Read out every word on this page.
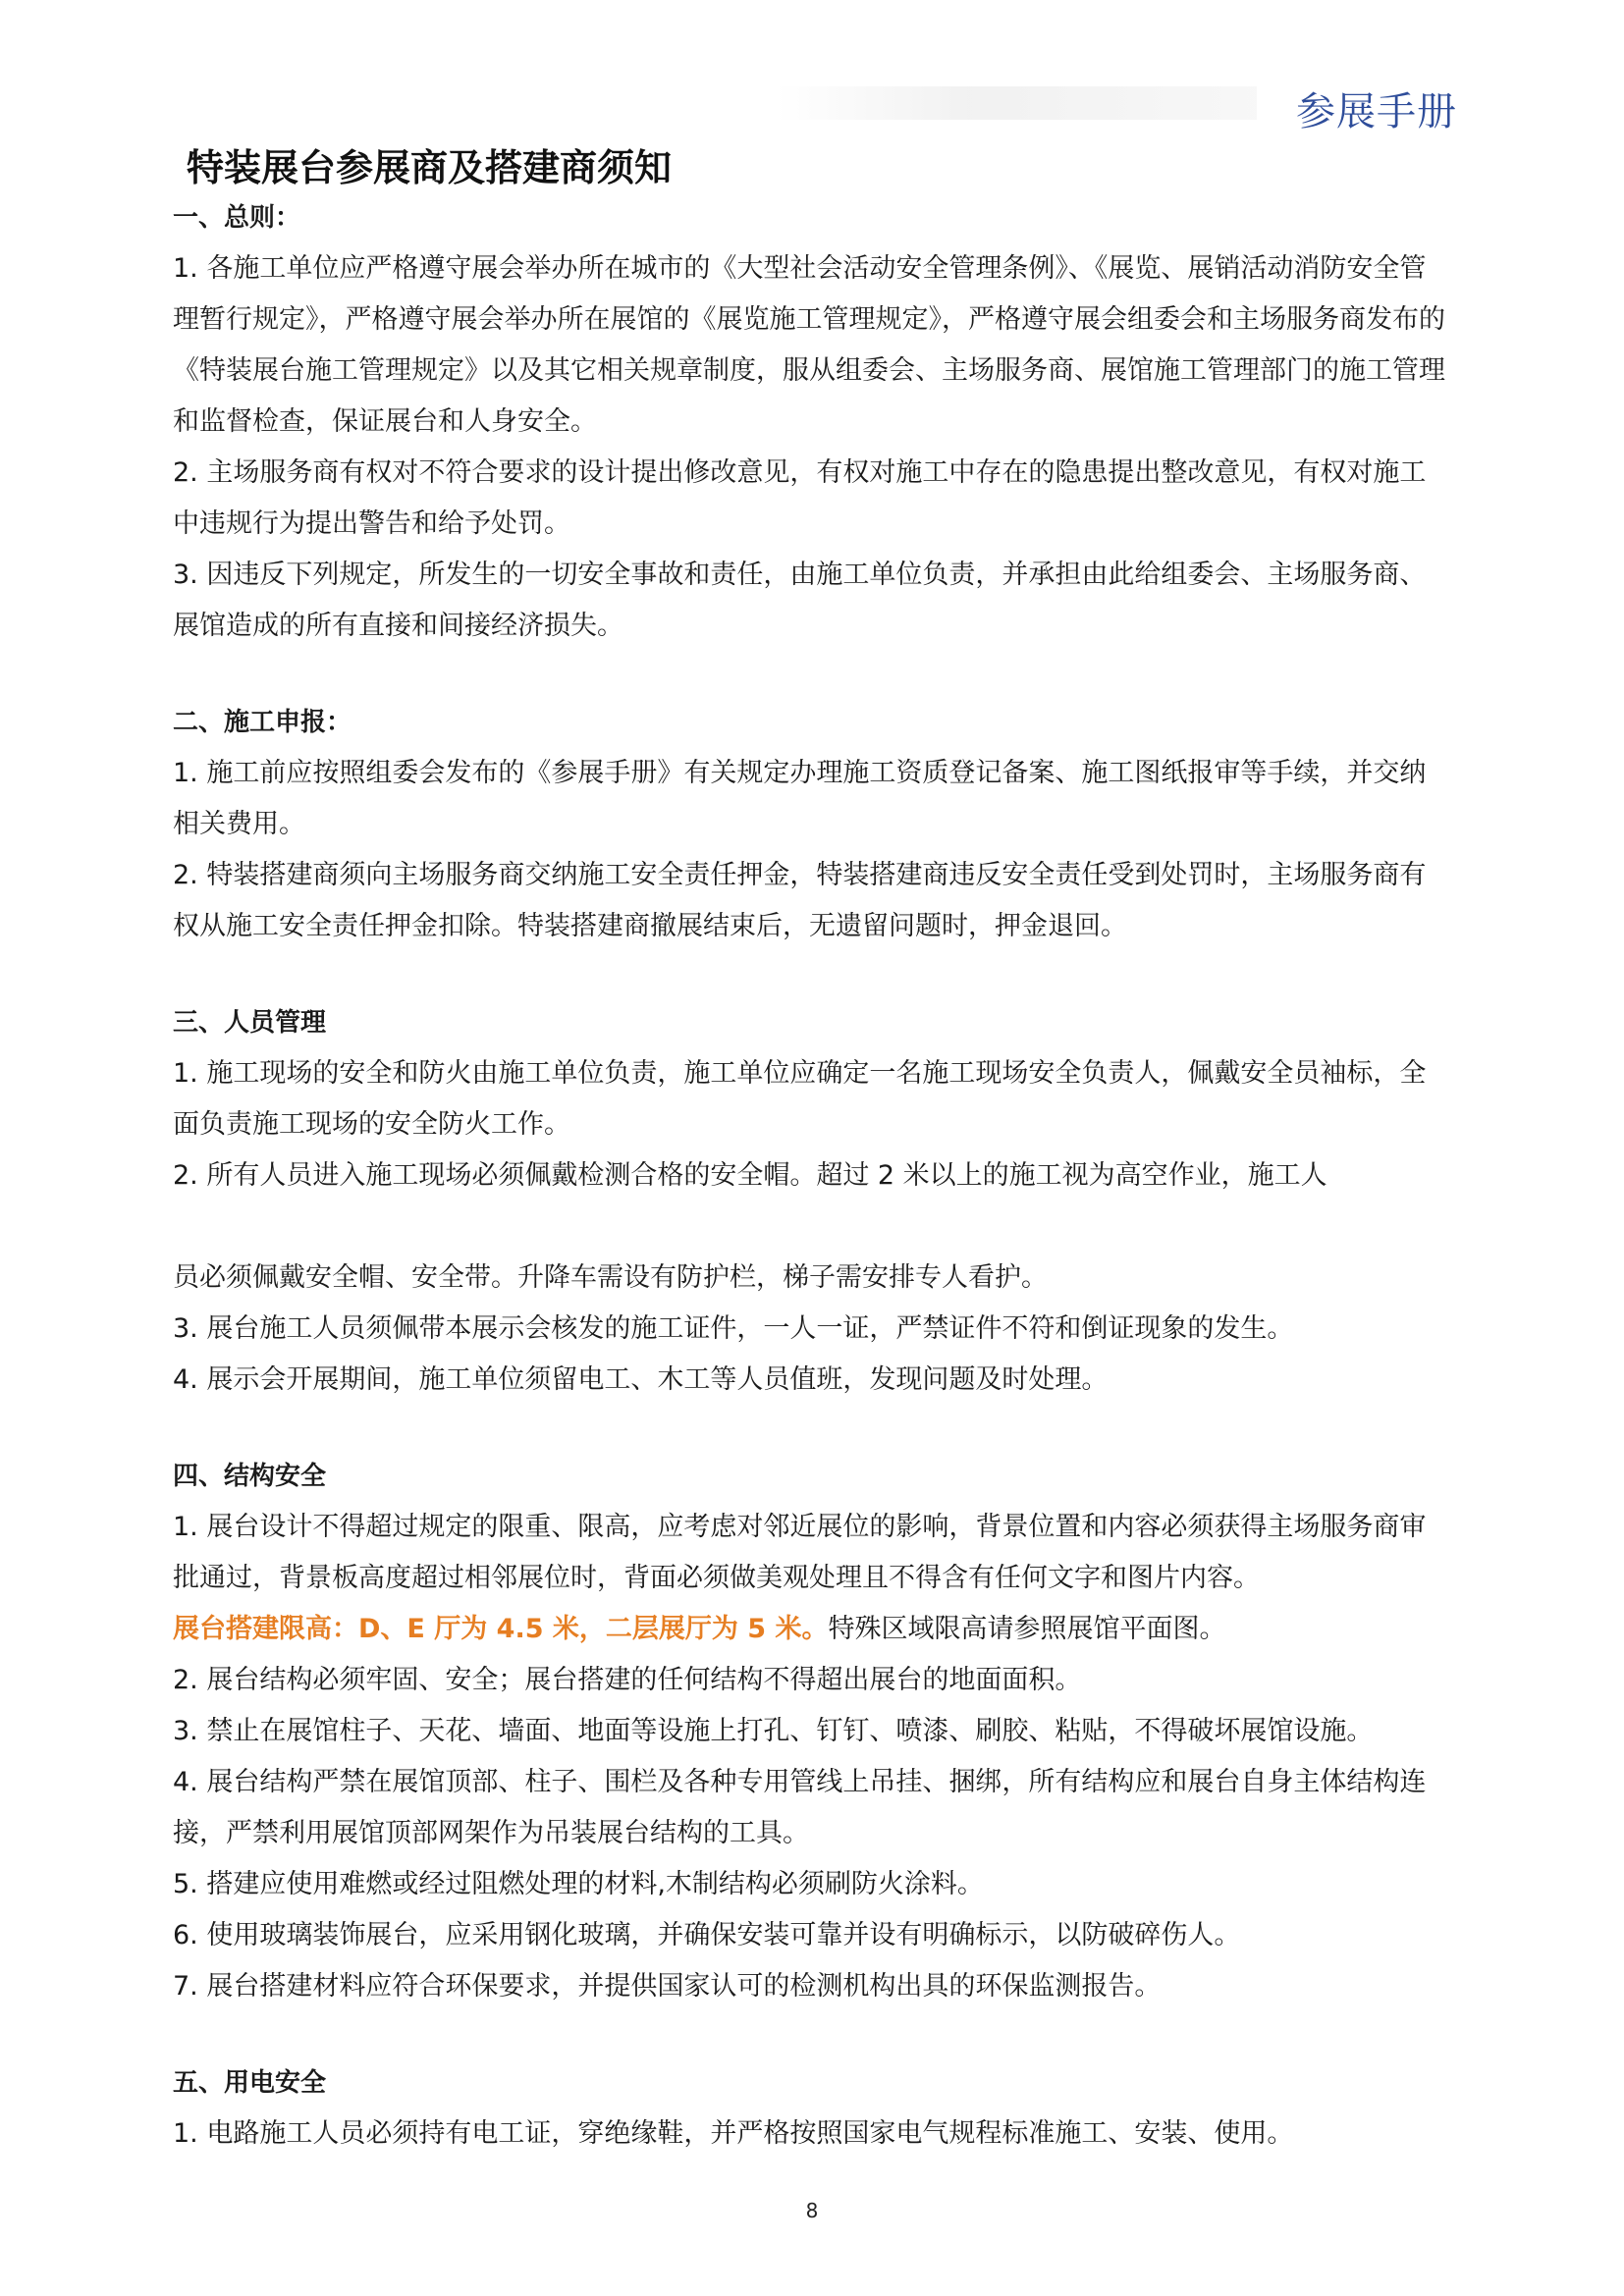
参展手册
特装展台参展商及搭建商须知
一、总则：

1. 各施工单位应严格遵守展会举办所在城市的《大型社会活动安全管理条例》、《展览、展销活动消防安全管理暂行规定》，严格遵守展会举办所在展馆的《展览施工管理规定》，严格遵守展会组委会和主场服务商发布的《特装展台施工管理规定》以及其它相关规章制度，服从组委会、主场服务商、展馆施工管理部门的施工管理和监督检查，保证展台和人身安全。

2. 主场服务商有权对不符合要求的设计提出修改意见，有权对施工中存在的隐患提出整改意见，有权对施工中违规行为提出警告和给予处罚。

3. 因违反下列规定，所发生的一切安全事故和责任，由施工单位负责，并承担由此给组委会、主场服务商、展馆造成的所有直接和间接经济损失。

二、施工申报：

1. 施工前应按照组委会发布的《参展手册》有关规定办理施工资质登记备案、施工图纸报审等手续，并交纳相关费用。

2. 特装搭建商须向主场服务商交纳施工安全责任押金，特装搭建商违反安全责任受到处罚时，主场服务商有权从施工安全责任押金扣除。特装搭建商撤展结束后，无遗留问题时，押金退回。

三、人员管理

1. 施工现场的安全和防火由施工单位负责，施工单位应确定一名施工现场安全负责人，佩戴安全员袖标，全面负责施工现场的安全防火工作。

2. 所有人员进入施工现场必须佩戴检测合格的安全帽。超过 2 米以上的施工视为高空作业，施工人

员必须佩戴安全帽、安全带。升降车需设有防护栏，梯子需安排专人看护。

3. 展台施工人员须佩带本展示会核发的施工证件，一人一证，严禁证件不符和倒证现象的发生。

4. 展示会开展期间，施工单位须留电工、木工等人员值班，发现问题及时处理。

四、结构安全

1. 展台设计不得超过规定的限重、限高，应考虑对邻近展位的影响，背景位置和内容必须获得主场服务商审批通过，背景板高度超过相邻展位时，背面必须做美观处理且不得含有任何文字和图片内容。

展台搭建限高：D、E 厅为 4.5 米，二层展厅为 5 米。特殊区域限高请参照展馆平面图。

2. 展台结构必须牢固、安全；展台搭建的任何结构不得超出展台的地面面积。

3. 禁止在展馆柱子、天花、墙面、地面等设施上打孔、钉钉、喷漆、刷胶、粘贴，不得破坏展馆设施。

4. 展台结构严禁在展馆顶部、柱子、围栏及各种专用管线上吊挂、捆绑，所有结构应和展台自身主体结构连接，严禁利用展馆顶部网架作为吊装展台结构的工具。

5. 搭建应使用难燃或经过阻燃处理的材料,木制结构必须刷防火涂料。

6. 使用玻璃装饰展台，应采用钢化玻璃，并确保安装可靠并设有明确标示，以防破碎伤人。

7. 展台搭建材料应符合环保要求，并提供国家认可的检测机构出具的环保监测报告。

五、用电安全

1. 电路施工人员必须持有电工证，穿绝缘鞋，并严格按照国家电气规程标准施工、安装、使用。

8
